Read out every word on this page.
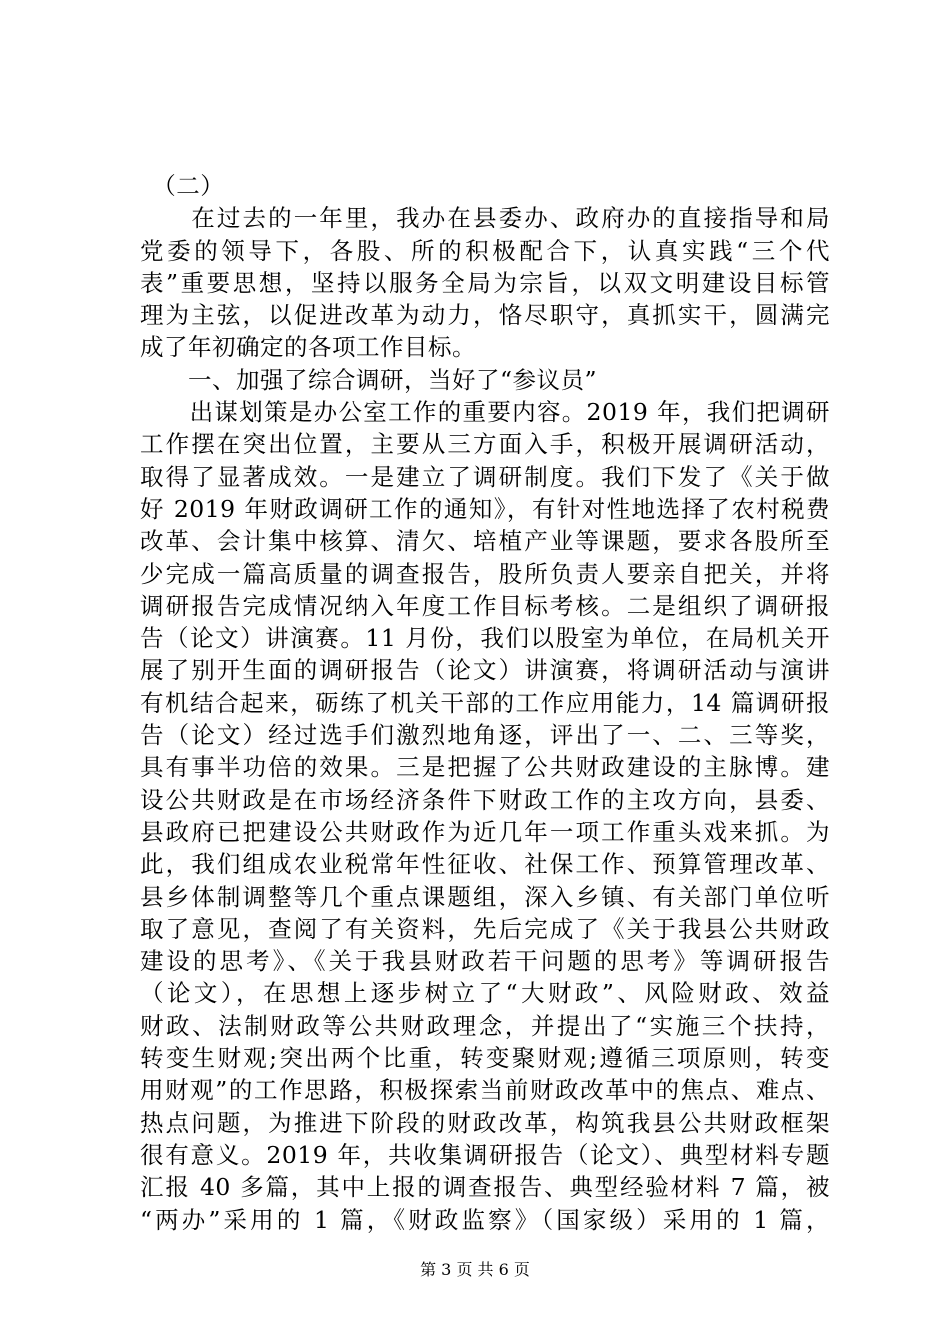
　（二）
　　在过去的一年里，我办在县委办、政府办的直接指导和局
党委的领导下，各股、所的积极配合下，认真实践“三个代
表”重要思想，坚持以服务全局为宗旨，以双文明建设目标管
理为主弦，以促进改革为动力，恪尽职守，真抓实干，圆满完
成了年初确定的各项工作目标。
　　一、加强了综合调研，当好了“参议员”
　　出谋划策是办公室工作的重要内容。2019 年，我们把调研
工作摆在突出位置，主要从三方面入手，积极开展调研活动，
取得了显著成效。一是建立了调研制度。我们下发了《关于做
好 2019 年财政调研工作的通知》，有针对性地选择了农村税费
改革、会计集中核算、清欠、培植产业等课题，要求各股所至
少完成一篇高质量的调查报告，股所负责人要亲自把关，并将
调研报告完成情况纳入年度工作目标考核。二是组织了调研报
告（论文）讲演赛。11 月份，我们以股室为单位，在局机关开
展了别开生面的调研报告（论文）讲演赛，将调研活动与演讲
有机结合起来，砺练了机关干部的工作应用能力，14 篇调研报
告（论文）经过选手们激烈地角逐，评出了一、二、三等奖，
具有事半功倍的效果。三是把握了公共财政建设的主脉博。建
设公共财政是在市场经济条件下财政工作的主攻方向，县委、
县政府已把建设公共财政作为近几年一项工作重头戏来抓。为
此，我们组成农业税常年性征收、社保工作、预算管理改革、
县乡体制调整等几个重点课题组，深入乡镇、有关部门单位听
取了意见，查阅了有关资料，先后完成了《关于我县公共财政
建设的思考》、《关于我县财政若干问题的思考》等调研报告
（论文），在思想上逐步树立了“大财政”、风险财政、效益
财政、法制财政等公共财政理念，并提出了“实施三个扶持，
转变生财观;突出两个比重，转变聚财观;遵循三项原则，转变
用财观”的工作思路，积极探索当前财政改革中的焦点、难点、
热点问题，为推进下阶段的财政改革，构筑我县公共财政框架
很有意义。2019 年，共收集调研报告（论文）、典型材料专题
汇报 40 多篇，其中上报的调查报告、典型经验材料 7 篇，被
“两办”采用的 1 篇，《财政监察》（国家级）采用的 1 篇，
第 3 页 共 6 页
